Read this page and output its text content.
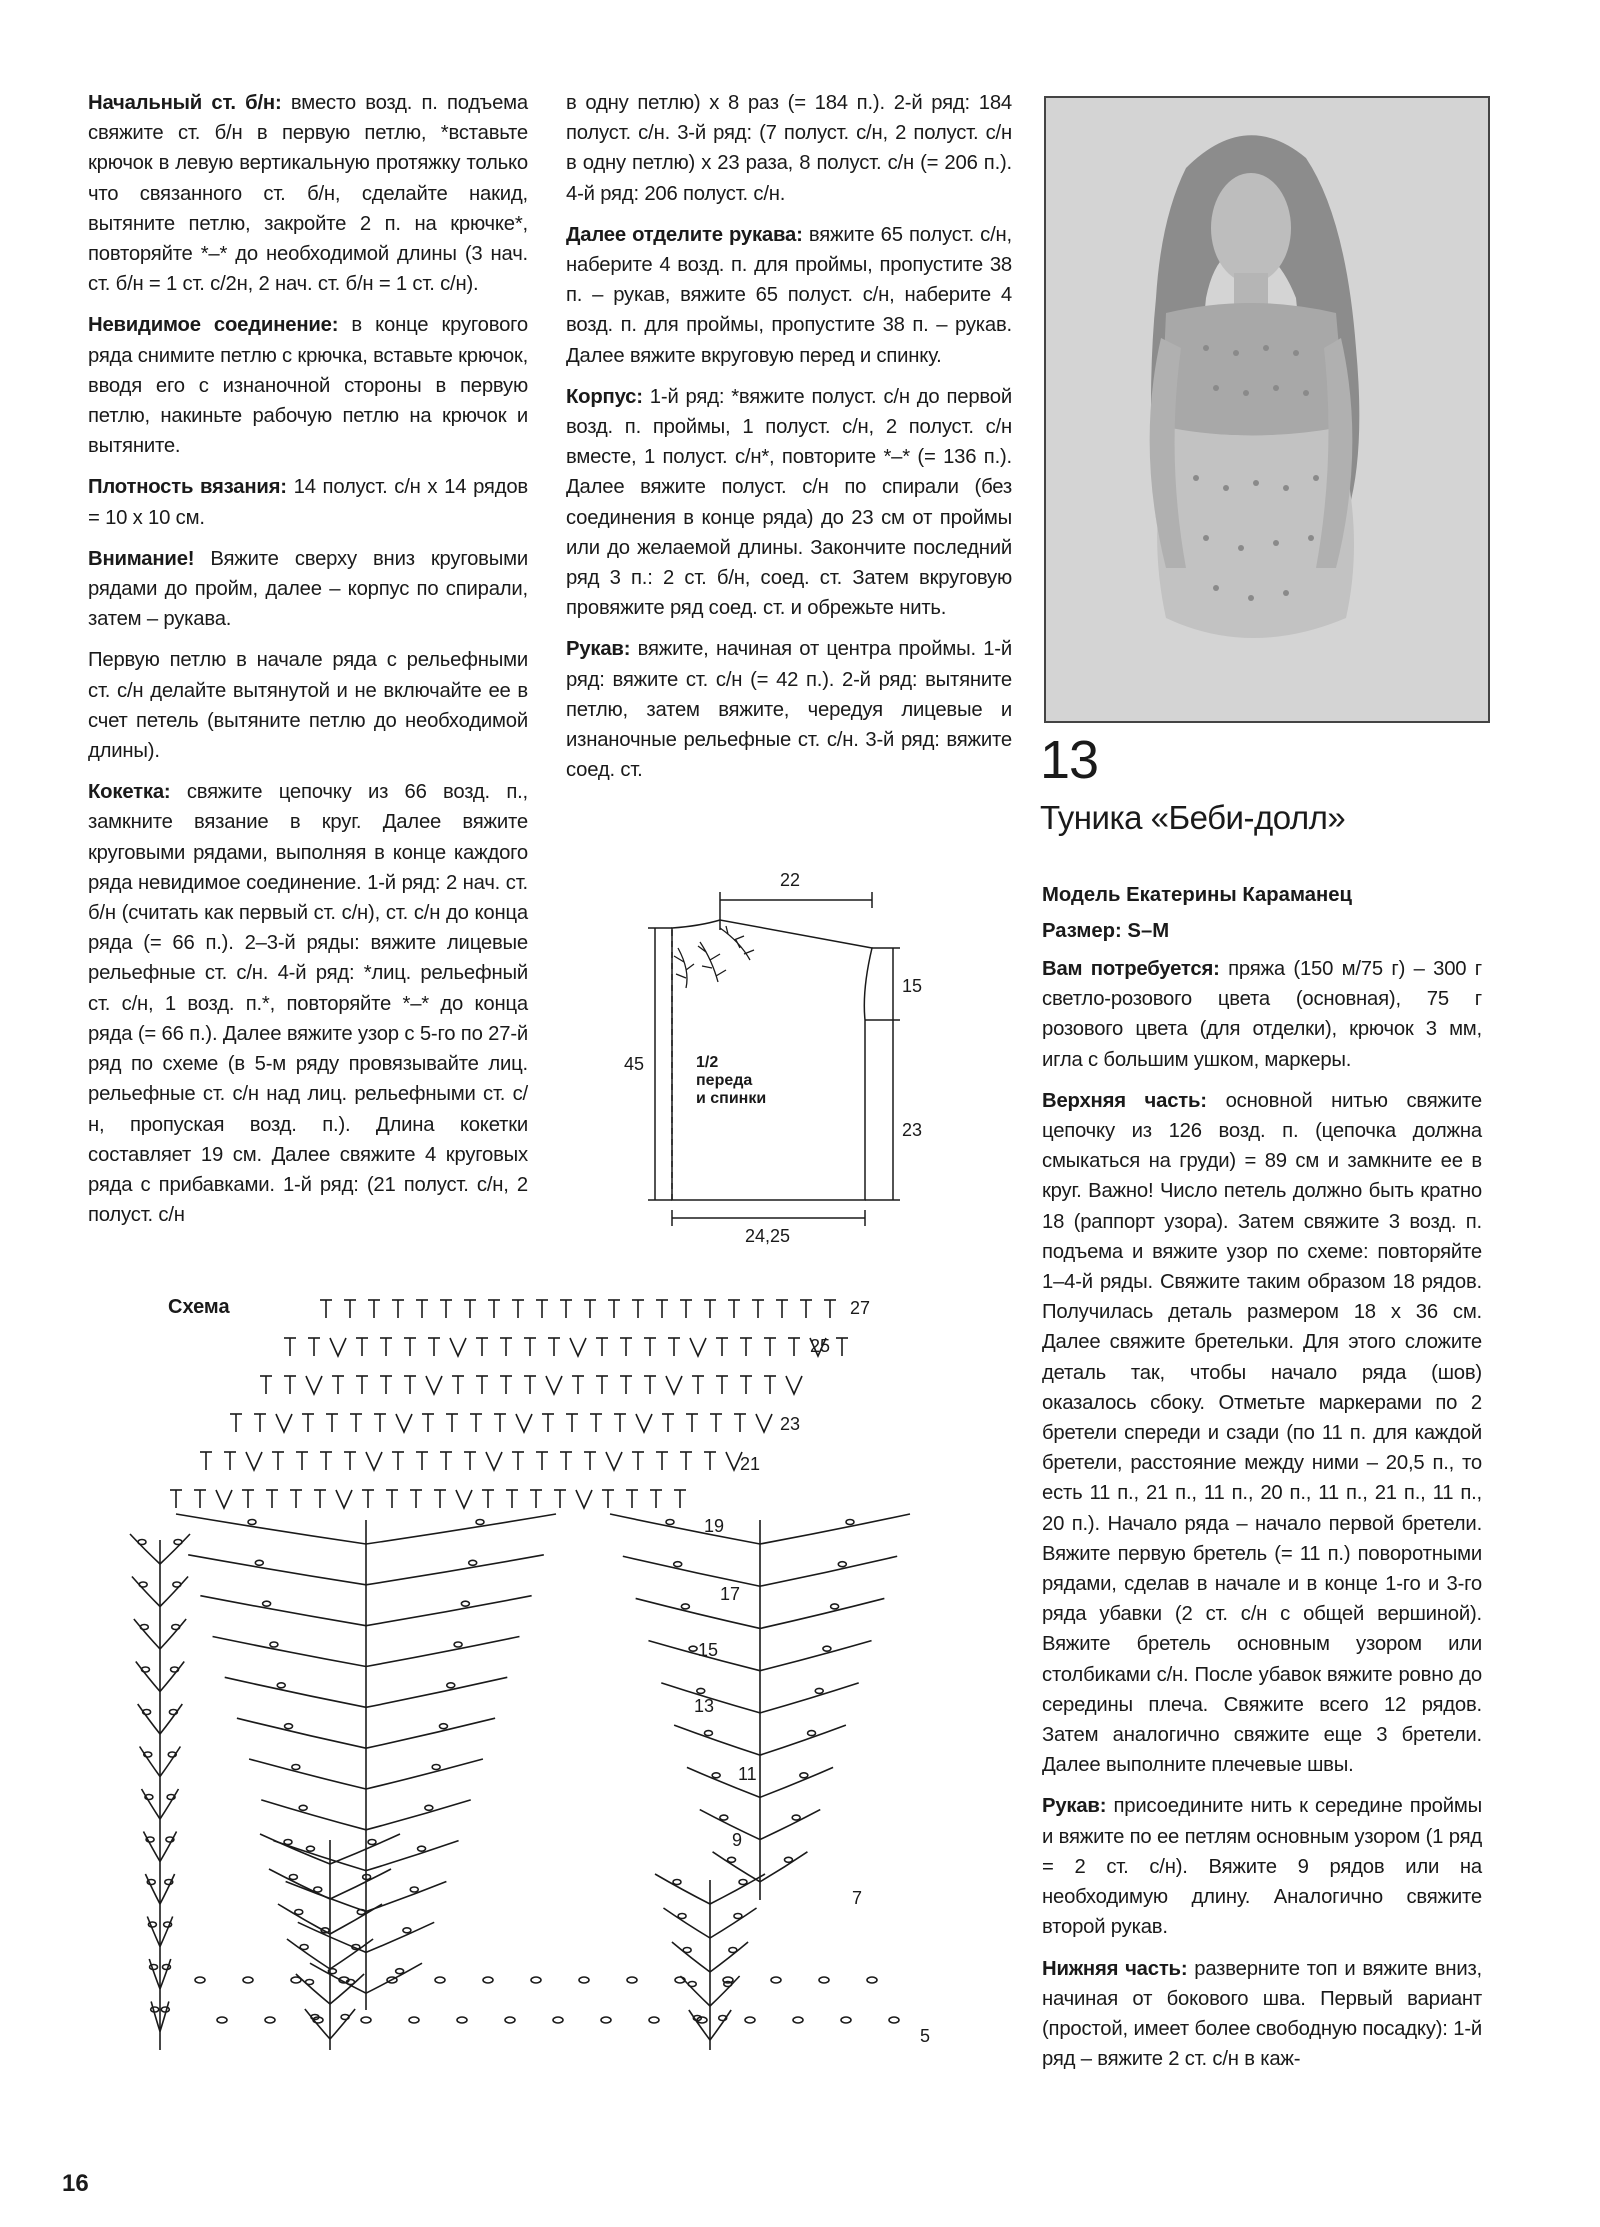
Начальный ст. б/н: вместо возд. п. подъема свяжите ст. б/н в первую петлю, *вставьте крючок в левую вертикальную протяжку только что связанного ст. б/н, сделайте накид, вытяните петлю, закройте 2 п. на крючке*, повторяйте *–* до необходимой длины (3 нач. ст. б/н = 1 ст. с/2н, 2 нач. ст. б/н = 1 ст. с/н).

Невидимое соединение: в конце кругового ряда снимите петлю с крючка, вставьте крючок, вводя его с изнаночной стороны в первую петлю, накиньте рабочую петлю на крючок и вытяните.

Плотность вязания: 14 полуст. с/н х 14 рядов = 10 х 10 см.

Внимание! Вяжите сверху вниз круговыми рядами до пройм, далее – корпус по спирали, затем – рукава.

Первую петлю в начале ряда с рельефными ст. с/н делайте вытянутой и не включайте ее в счет петель (вытяните петлю до необходимой длины).

Кокетка: свяжите цепочку из 66 возд. п., замкните вязание в круг. Далее вяжите круговыми рядами, выполняя в конце каждого ряда невидимое соединение. 1-й ряд: 2 нач. ст. б/н (считать как первый ст. с/н), ст. с/н до конца ряда (= 66 п.). 2–3-й ряды: вяжите лицевые рельефные ст. с/н. 4-й ряд: *лиц. рельефный ст. с/н, 1 возд. п.*, повторяйте *–* до конца ряда (= 66 п.). Далее вяжите узор с 5-го по 27-й ряд по схеме (в 5-м ряду провязывайте лиц. рельефные ст. с/н над лиц. рельефными ст. с/н, пропуская возд. п.). Длина кокетки составляет 19 см. Далее свяжите 4 круговых ряда с прибавками. 1-й ряд: (21 полуст. с/н, 2 полуст. с/н

в одну петлю) х 8 раз (= 184 п.). 2-й ряд: 184 полуст. с/н. 3-й ряд: (7 полуст. с/н, 2 полуст. с/н в одну петлю) х 23 раза, 8 полуст. с/н (= 206 п.). 4-й ряд: 206 полуст. с/н.

Далее отделите рукава: вяжите 65 полуст. с/н, наберите 4 возд. п. для проймы, пропустите 38 п. – рукав, вяжите 65 полуст. с/н, наберите 4 возд. п. для проймы, пропустите 38 п. – рукав. Далее вяжите вкруговую перед и спинку.

Корпус: 1-й ряд: *вяжите полуст. с/н до первой возд. п. проймы, 1 полуст. с/н, 2 полуст. с/н вместе, 1 полуст. с/н*, повторите *–* (= 136 п.). Далее вяжите полуст. с/н по спирали (без соединения в конце ряда) до 23 см от проймы или до желаемой длины. Закончите последний ряд 3 п.: 2 ст. б/н, соед. ст. Затем вкруговую провяжите ряд соед. ст. и обрежьте нить.

Рукав: вяжите, начиная от центра проймы. 1-й ряд: вяжите ст. с/н (= 42 п.). 2-й ряд: вытяните петлю, затем вяжите, чередуя лицевые и изнаночные рельефные ст. с/н. 3-й ряд: вяжите соед. ст.

22
15
45
23
24,25
1/2
переда
и спинки
Схема	27
25
23
21
19
17
15
13
11
9
7
5
13
Туника «Беби-долл»

Модель Екатерины Караманец

Размер: S–M

Вам потребуется: пряжа (150 м/75 г) – 300 г светло-розового цвета (основная), 75 г розового цвета (для отделки), крючок 3 мм, игла с большим ушком, маркеры.

Верхняя часть: основной нитью свяжите цепочку из 126 возд. п. (цепочка должна смыкаться на груди) = 89 см и замкните ее в круг. Важно! Число петель должно быть кратно 18 (раппорт узора). Затем свяжите 3 возд. п. подъема и вяжите узор по схеме: повторяйте 1–4-й ряды. Свяжите таким образом 18 рядов. Получилась деталь размером 18 х 36 см. Далее свяжите бретельки. Для этого сложите деталь так, чтобы начало ряда (шов) оказалось сбоку. Отметьте маркерами по 2 бретели спереди и сзади (по 11 п. для каждой бретели, расстояние между ними – 20,5 п., то есть 11 п., 21 п., 11 п., 20 п., 11 п., 21 п., 11 п., 20 п.). Начало ряда – начало первой бретели. Вяжите первую бретель (= 11 п.) поворотными рядами, сделав в начале и в конце 1-го и 3-го ряда убавки (2 ст. с/н с общей вершиной). Вяжите бретель основным узором или столбиками с/н. После убавок вяжите ровно до середины плеча. Свяжите всего 12 рядов. Затем аналогично свяжите еще 3 бретели. Далее выполните плечевые швы.

Рукав: присоедините нить к середине проймы и вяжите по ее петлям основным узором (1 ряд = 2 ст. с/н). Вяжите 9 рядов или на необходимую длину. Аналогично свяжите второй рукав.

Нижняя часть: разверните топ и вяжите вниз, начиная от бокового шва. Первый вариант (простой, имеет более свободную посадку): 1-й ряд – вяжите 2 ст. с/н в каж-

16
